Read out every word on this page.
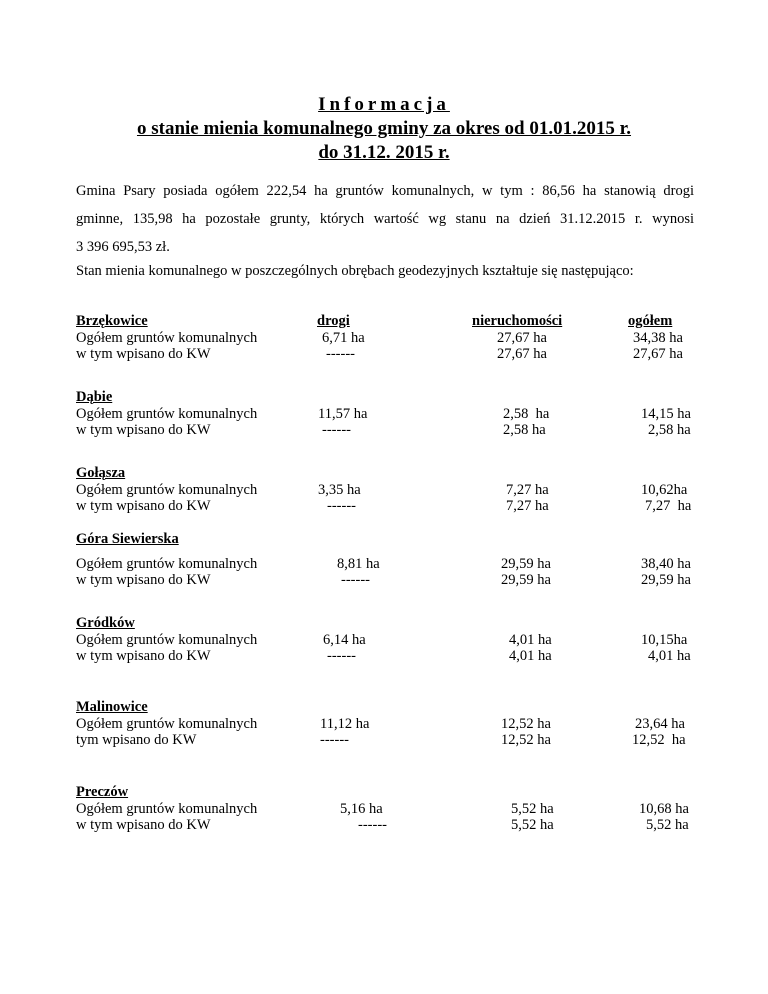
Informacja
o stanie mienia komunalnego gminy za okres od 01.01.2015 r.
do 31.12. 2015 r.
Gmina Psary posiada ogółem 222,54 ha gruntów komunalnych, w tym : 86,56 ha stanowią drogi
gminne, 135,98 ha pozostałe grunty, których wartość wg stanu na dzień 31.12.2015 r. wynosi
3 396 695,53 zł.
Stan mienia komunalnego w poszczególnych obrębach geodezyjnych kształtuje się następująco:
Brzękowice
Ogółem gruntów komunalnych
w tym wpisano do KW
drogi	nieruchomości	ogółem
6,71 ha
------
27,67 ha
27,67 ha
34,38 ha
27,67 ha
Dąbie
Ogółem gruntów komunalnych
w tym wpisano do KW
11,57 ha
------
2,58  ha
2,58 ha
14,15 ha
2,58 ha
Gołąsza
Ogółem gruntów komunalnych
w tym wpisano do KW
3,35 ha
------
7,27 ha
7,27 ha
10,62ha
7,27  ha
Góra Siewierska
Ogółem gruntów komunalnych
w tym wpisano do KW
8,81 ha
------
29,59 ha
29,59 ha
38,40 ha
29,59 ha
Gródków
Ogółem gruntów komunalnych
w tym wpisano do KW
6,14 ha
------
4,01 ha
4,01 ha
10,15ha
4,01 ha
Malinowice
Ogółem gruntów komunalnych
tym wpisano do KW
11,12 ha
------
12,52 ha
12,52 ha
23,64 ha
12,52  ha
Preczów
Ogółem gruntów komunalnych
w tym wpisano do KW
5,16 ha
------
5,52 ha
5,52 ha
10,68 ha
5,52 ha
